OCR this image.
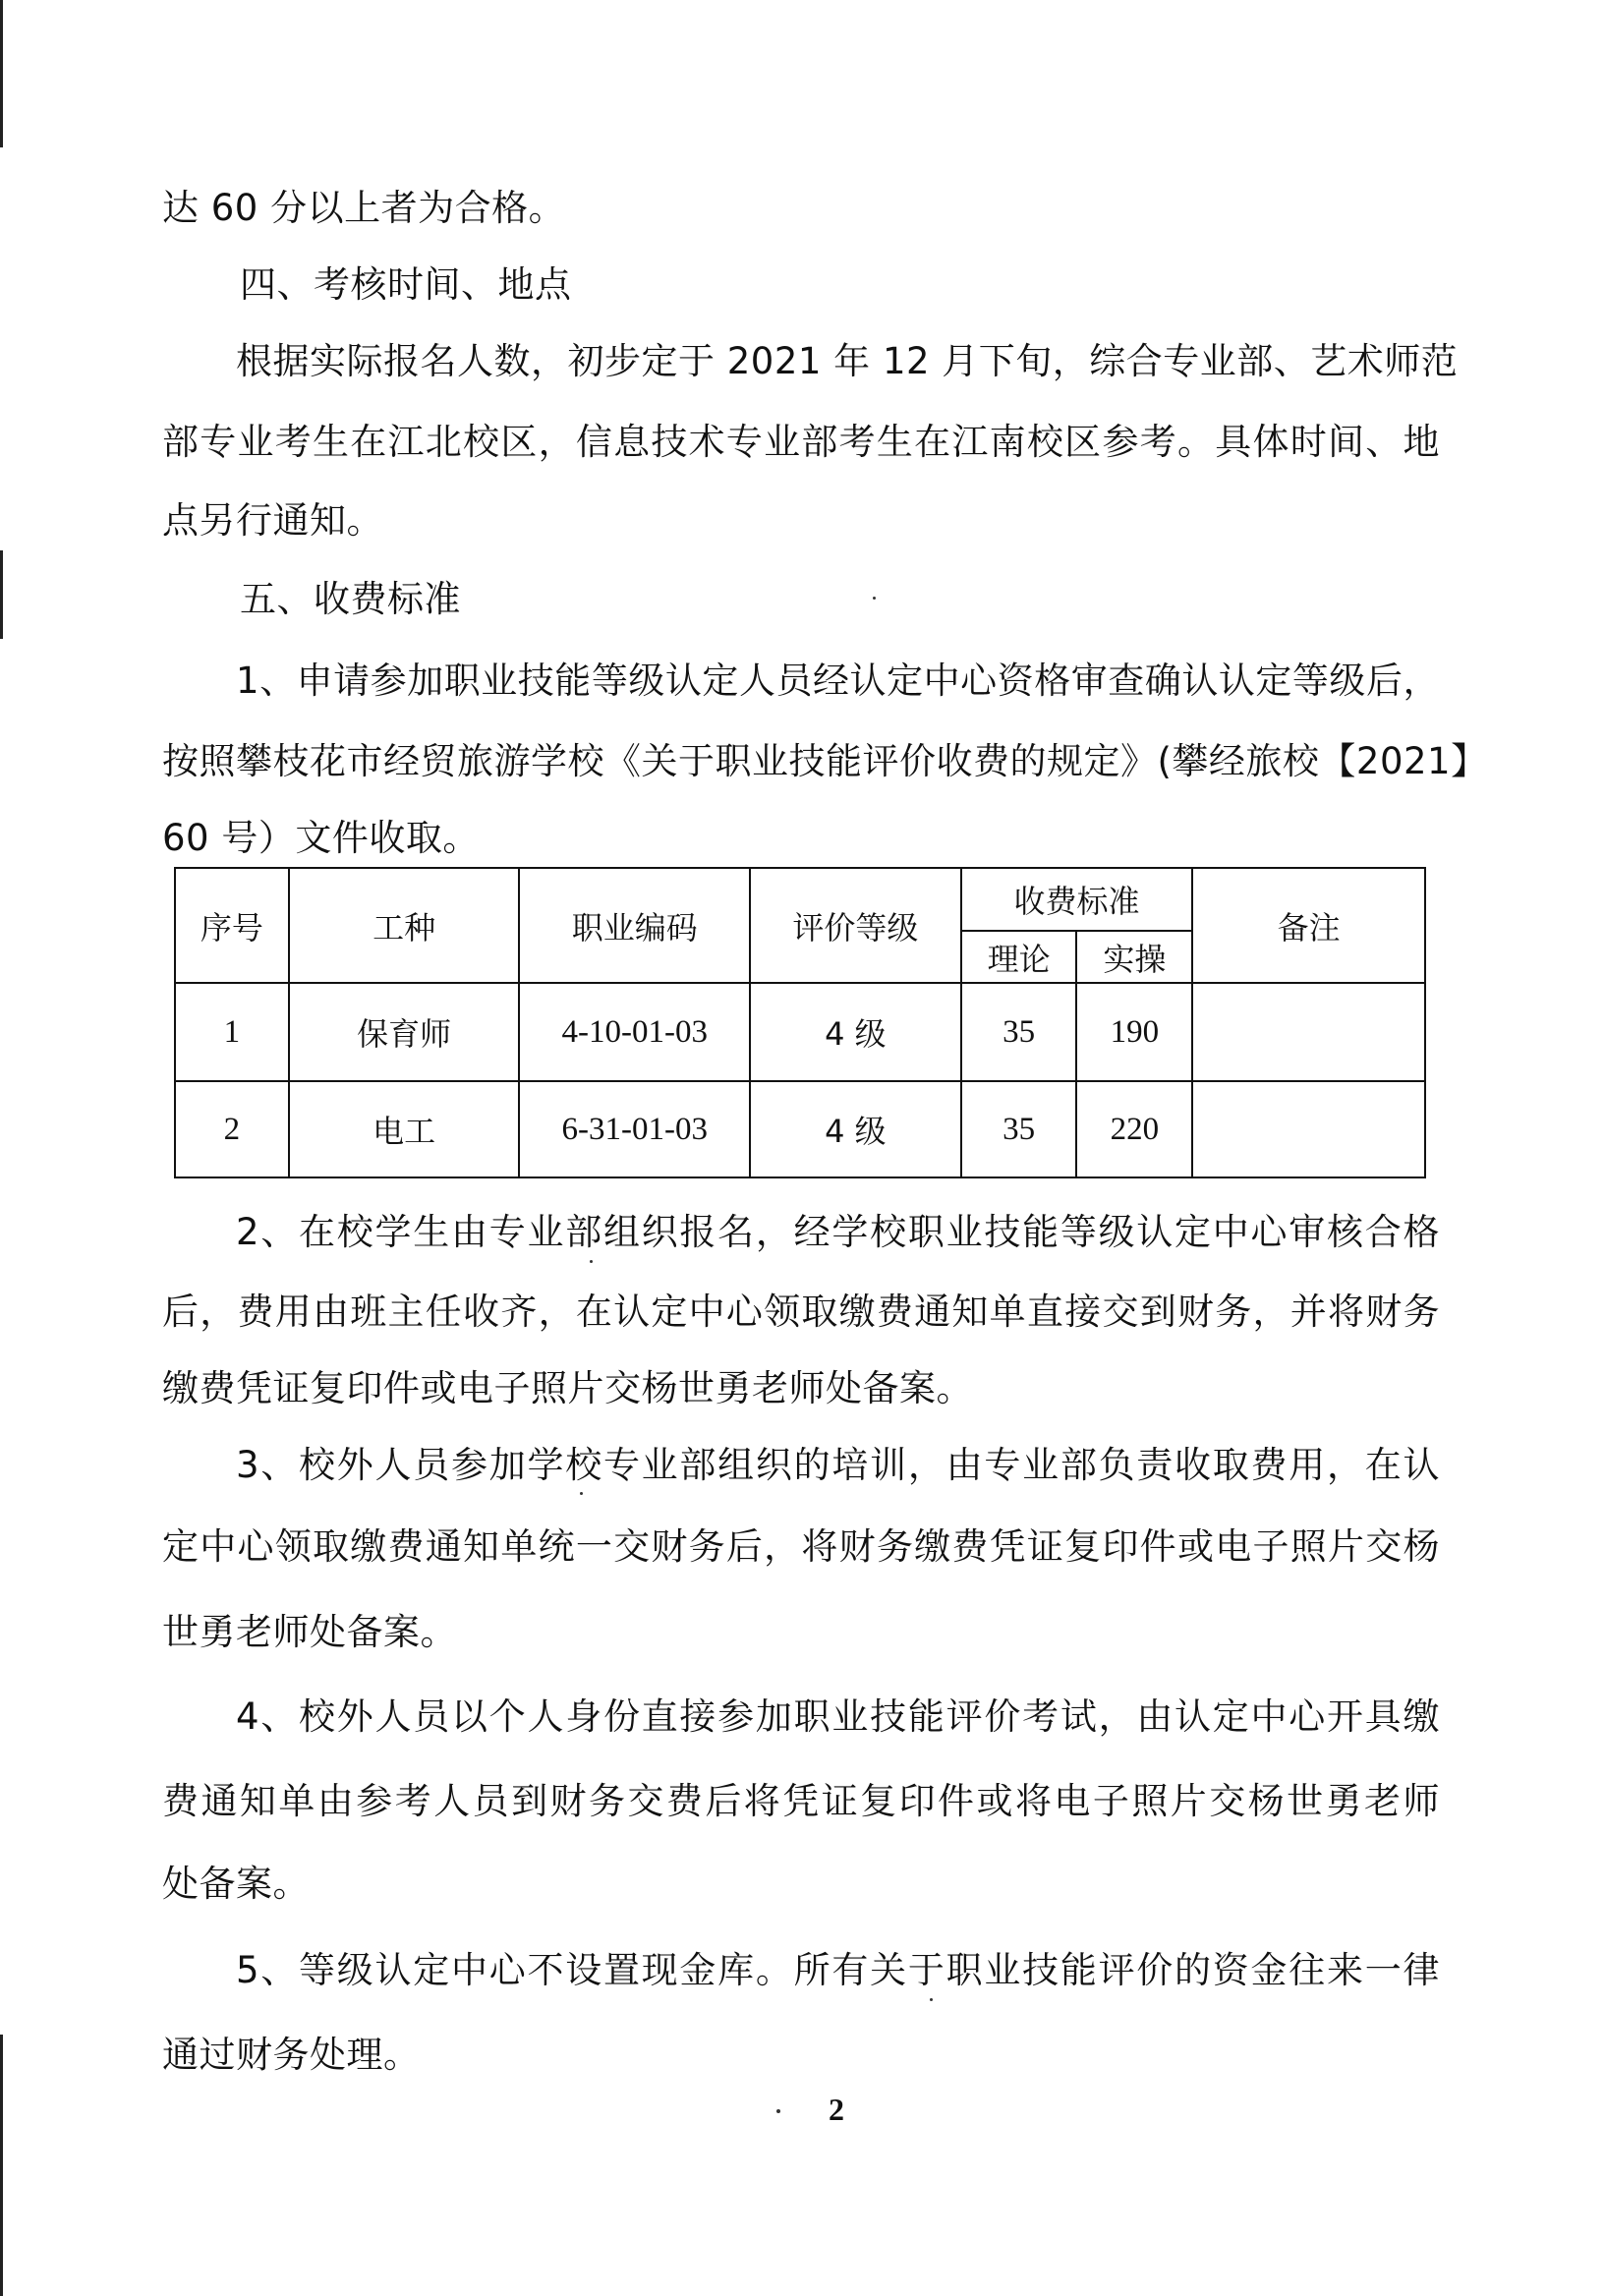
达 60 分以上者为合格。
四、考核时间、地点
根据实际报名人数，初步定于 2021 年 12 月下旬，综合专业部、艺术师范
部专业考生在江北校区，信息技术专业部考生在江南校区参考。具体时间、地
点另行通知。
五、收费标准
1、申请参加职业技能等级认定人员经认定中心资格审查确认认定等级后，
按照攀枝花市经贸旅游学校《关于职业技能评价收费的规定》(攀经旅校【2021】
60 号）文件收取。
序号	工种	职业编码	评价等级	收费标准		备注
				理论	实操	
1	保育师	4-10-01-03	4 级	35	190	
2	电工	6-31-01-03	4 级	35	220	
2、在校学生由专业部组织报名，经学校职业技能等级认定中心审核合格
后，费用由班主任收齐，在认定中心领取缴费通知单直接交到财务，并将财务
缴费凭证复印件或电子照片交杨世勇老师处备案。
3、校外人员参加学校专业部组织的培训，由专业部负责收取费用，在认
定中心领取缴费通知单统一交财务后，将财务缴费凭证复印件或电子照片交杨
世勇老师处备案。
4、校外人员以个人身份直接参加职业技能评价考试，由认定中心开具缴
费通知单由参考人员到财务交费后将凭证复印件或将电子照片交杨世勇老师
处备案。
5、等级认定中心不设置现金库。所有关于职业技能评价的资金往来一律
通过财务处理。
2
